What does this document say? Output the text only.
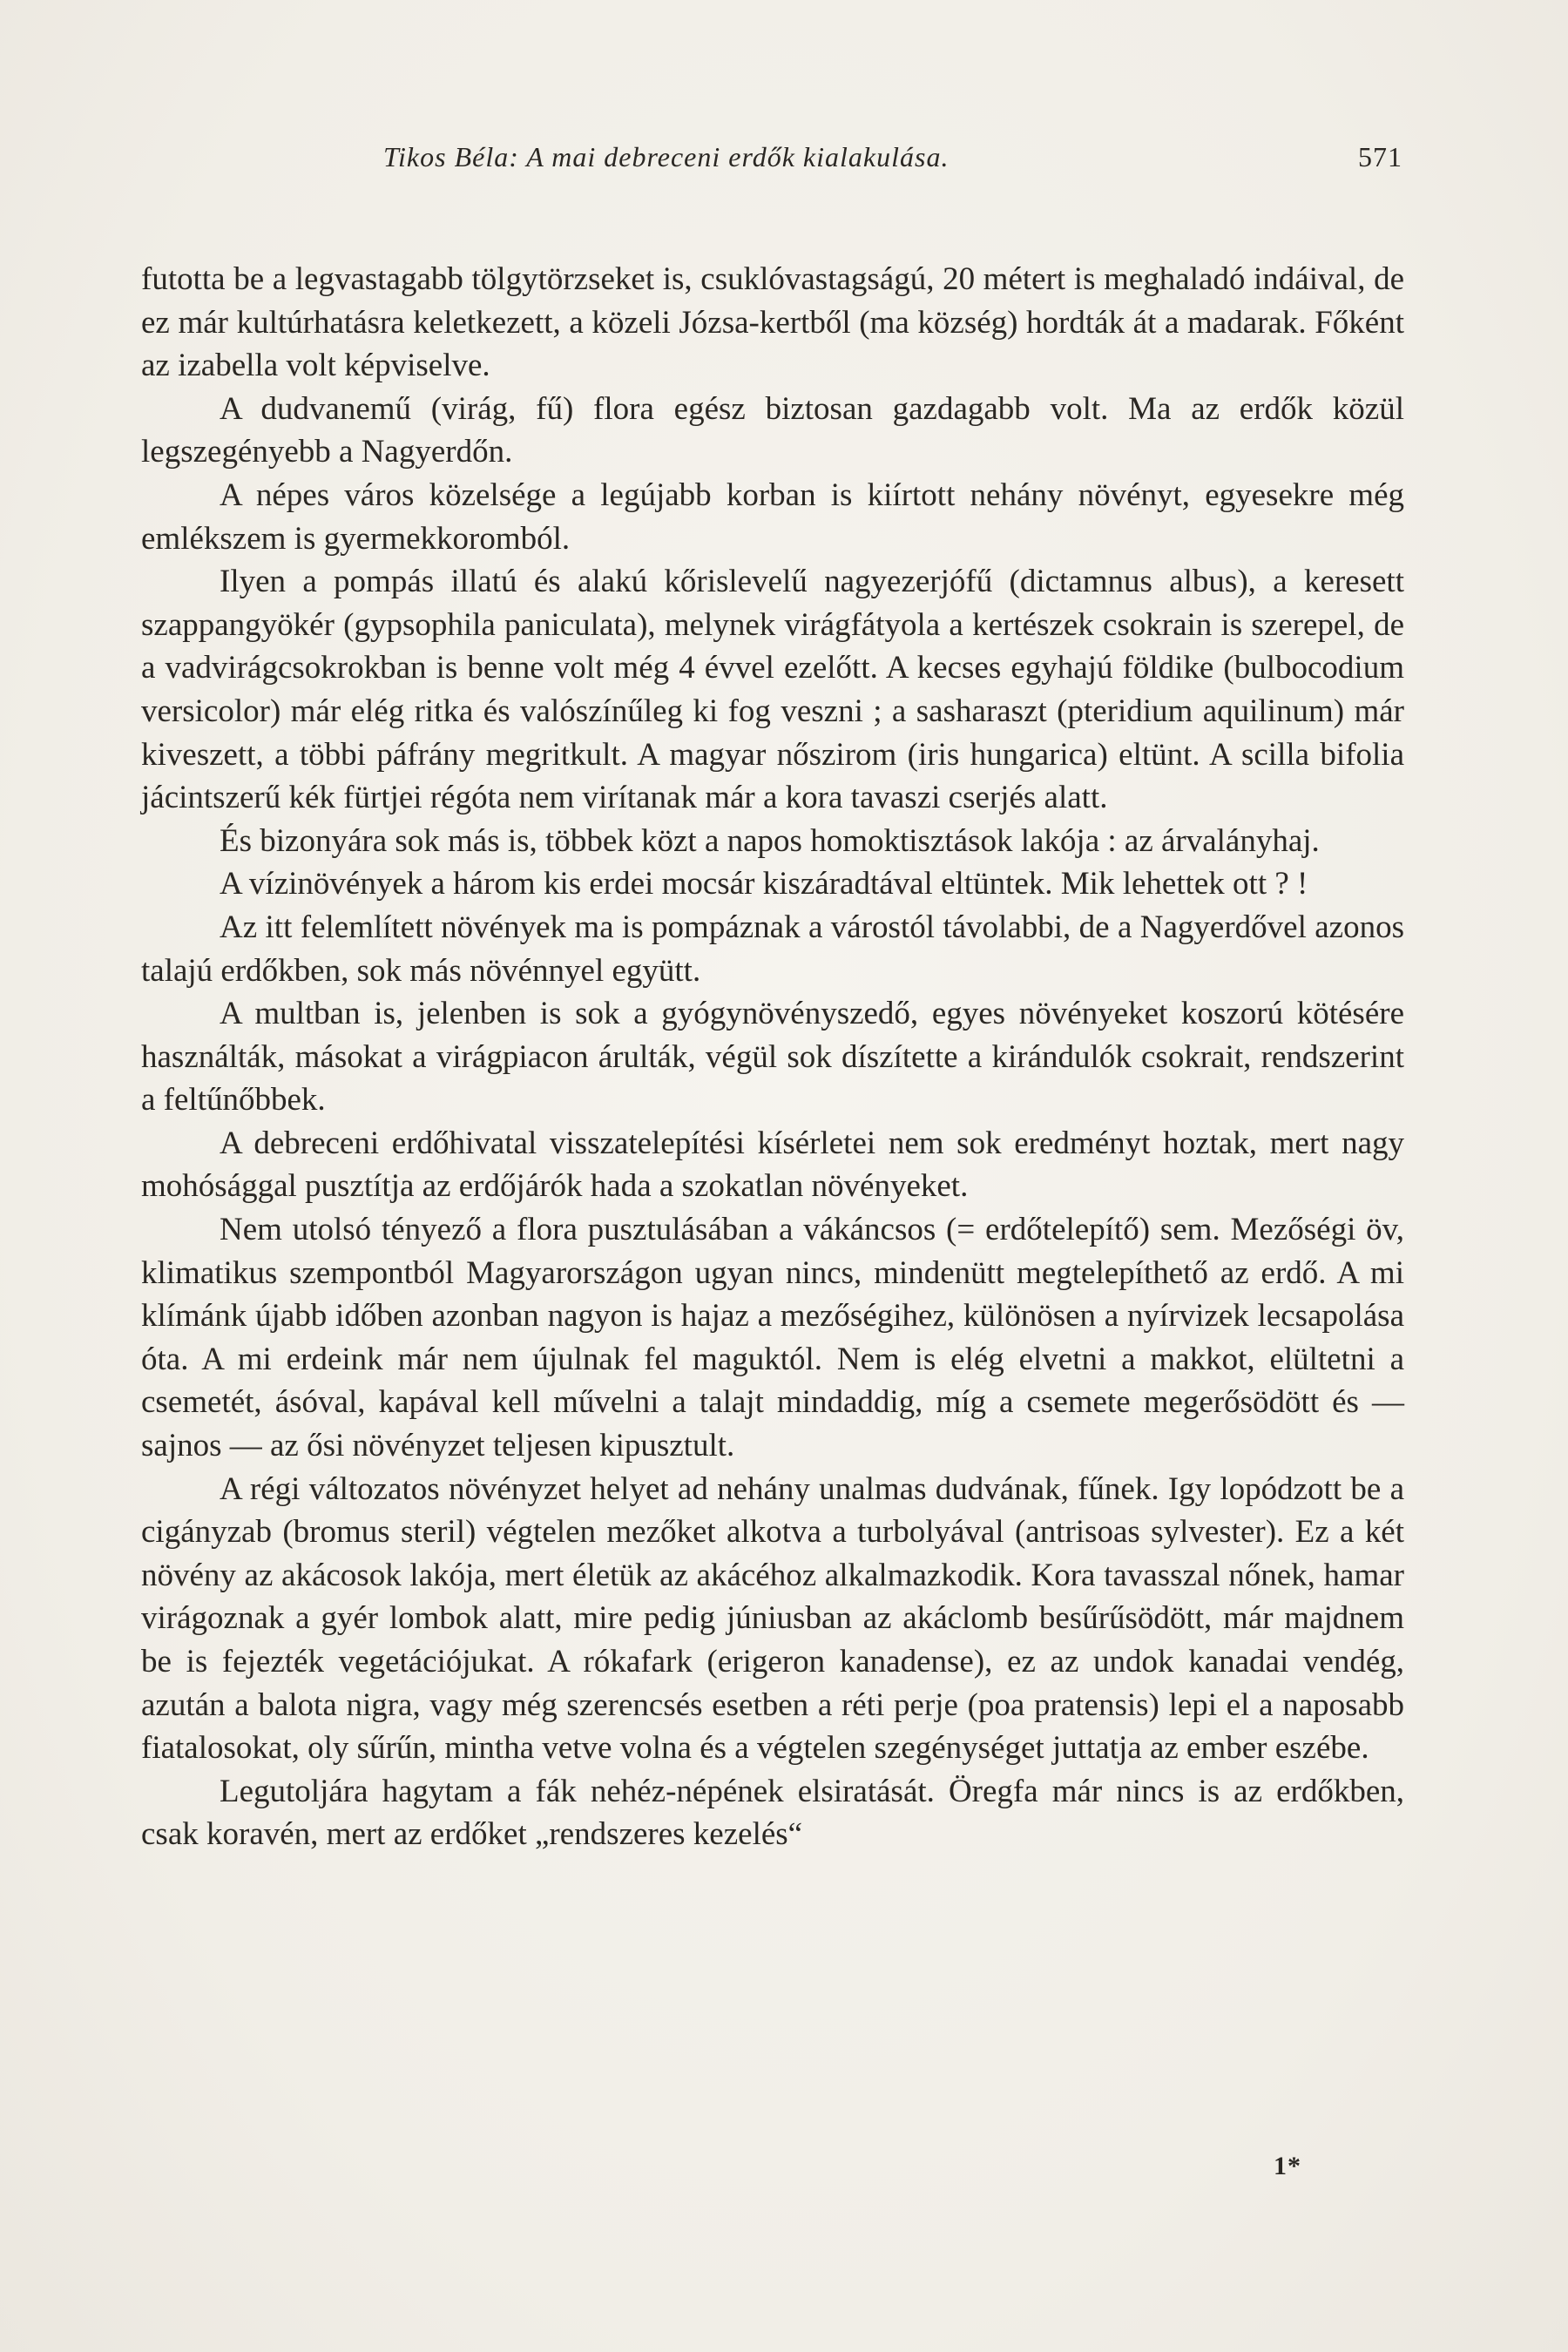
Tikos Béla: A mai debreceni erdők kialakulása.	571

futotta be a legvastagabb tölgytörzseket is, csuklóvastagságú, 20 métert is meghaladó indáival, de ez már kultúrhatásra keletkezett, a közeli Józsa-kertből (ma község) hordták át a madarak. Főként az izabella volt képviselve.

A dudvanemű (virág, fű) flora egész biztosan gazdagabb volt. Ma az erdők közül legszegényebb a Nagyerdőn.

A népes város közelsége a legújabb korban is kiírtott nehány növényt, egyesekre még emlékszem is gyermekkoromból.

Ilyen a pompás illatú és alakú kőrislevelű nagyezerjófű (dictamnus albus), a keresett szappangyökér (gypsophila paniculata), melynek virágfátyola a kertészek csokrain is szerepel, de a vadvirágcsokrokban is benne volt még 4 évvel ezelőtt. A kecses egyhajú földike (bulbocodium versicolor) már elég ritka és valószínűleg ki fog veszni ; a sasharaszt (pteridium aquilinum) már kiveszett, a többi páfrány megritkult. A magyar nőszirom (iris hungarica) eltünt. A scilla bifolia jácintszerű kék fürtjei régóta nem virítanak már a kora tavaszi cserjés alatt.

És bizonyára sok más is, többek közt a napos homoktisztások lakója : az árvalányhaj.

A vízinövények a három kis erdei mocsár kiszáradtával eltüntek. Mik lehettek ott ? !

Az itt felemlített növények ma is pompáznak a várostól távolabbi, de a Nagyerdővel azonos talajú erdőkben, sok más növénnyel együtt.

A multban is, jelenben is sok a gyógynövényszedő, egyes növényeket koszorú kötésére használták, másokat a virágpiacon árulták, végül sok díszítette a kirándulók csokrait, rendszerint a feltűnőbbek.

A debreceni erdőhivatal visszatelepítési kísérletei nem sok eredményt hoztak, mert nagy mohósággal pusztítja az erdőjárók hada a szokatlan növényeket.

Nem utolsó tényező a flora pusztulásában a vákáncsos (= erdőtelepítő) sem. Mezőségi öv, klimatikus szempontból Magyarországon ugyan nincs, mindenütt megtelepíthető az erdő. A mi klímánk újabb időben azonban nagyon is hajaz a mezőségihez, különösen a nyírvizek lecsapolása óta. A mi erdeink már nem újulnak fel maguktól. Nem is elég elvetni a makkot, elültetni a csemetét, ásóval, kapával kell művelni a talajt mindaddig, míg a csemete megerősödött és — sajnos — az ősi növényzet teljesen kipusztult.

A régi változatos növényzet helyet ad nehány unalmas dudvának, fűnek. Igy lopódzott be a cigányzab (bromus steril) végtelen mezőket alkotva a turbolyával (antrisoas sylvester). Ez a két növény az akácosok lakója, mert életük az akácéhoz alkalmazkodik. Kora tavasszal nőnek, hamar virágoznak a gyér lombok alatt, mire pedig júniusban az akáclomb besűrűsödött, már majdnem be is fejezték vegetációjukat. A rókafark (erigeron kanadense), ez az undok kanadai vendég, azután a balota nigra, vagy még szerencsés esetben a réti perje (poa pratensis) lepi el a naposabb fiatalosokat, oly sűrűn, mintha vetve volna és a végtelen szegénységet juttatja az ember eszébe.

Legutoljára hagytam a fák nehéz-népének elsiratását. Öregfa már nincs is az erdőkben, csak koravén, mert az erdőket „rendszeres kezelés“

1*
